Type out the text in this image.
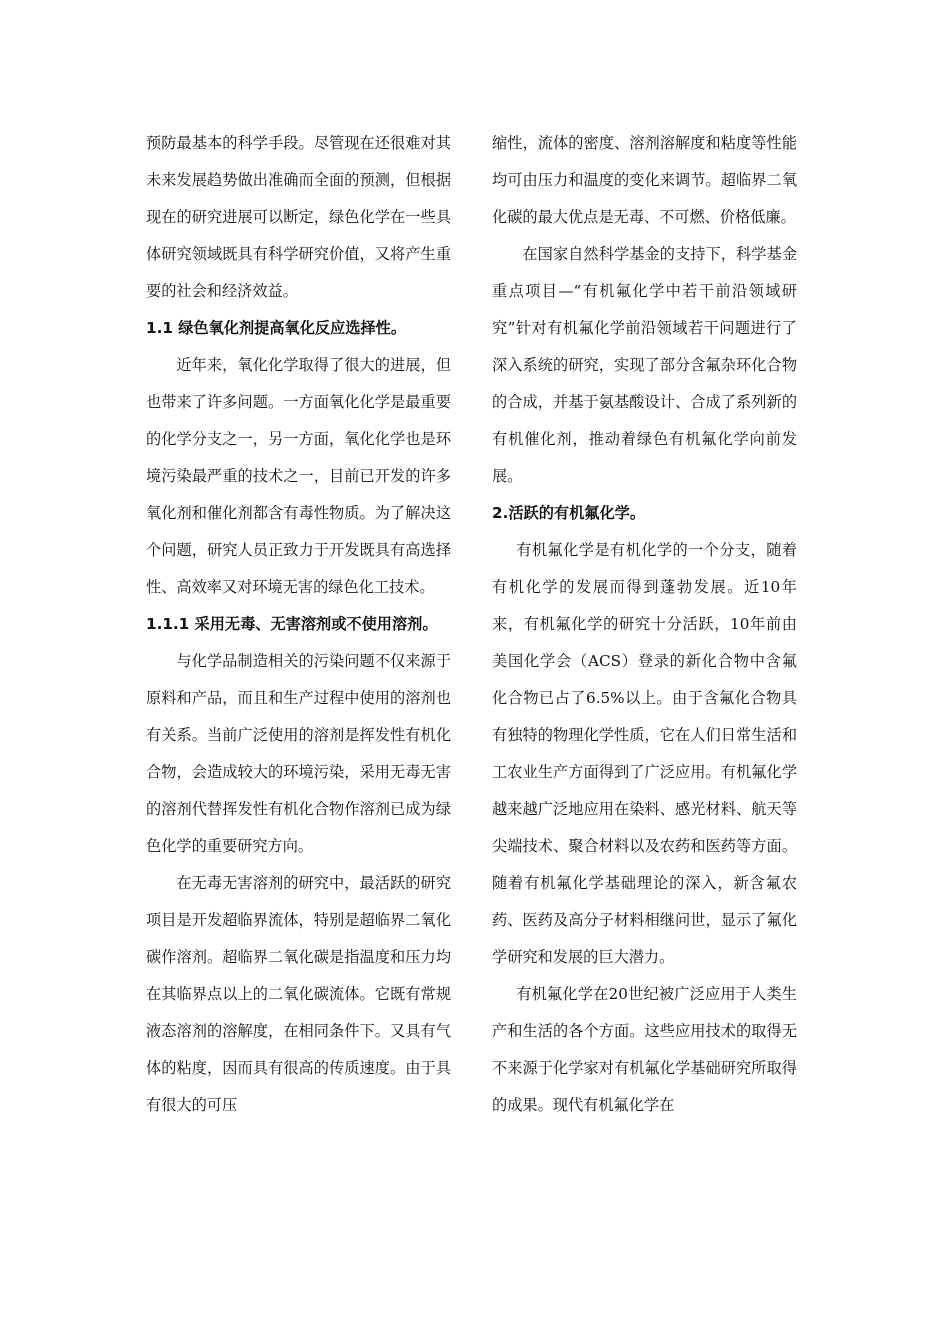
预防最基本的科学手段。尽管现在还很难对其未来发展趋势做出准确而全面的预测，但根据现在的研究进展可以断定，绿色化学在一些具体研究领域既具有科学研究价值，又将产生重要的社会和经济效益。

1.1 绿色氧化剂提高氧化反应选择性。

近年来，氧化化学取得了很大的进展，但也带来了许多问题。一方面氧化化学是最重要的化学分支之一，另一方面，氧化化学也是环境污染最严重的技术之一，目前已开发的许多氧化剂和催化剂都含有毒性物质。为了解决这个问题，研究人员正致力于开发既具有高选择性、高效率又对环境无害的绿色化工技术。

1.1.1 采用无毒、无害溶剂或不使用溶剂。

与化学品制造相关的污染问题不仅来源于原料和产品，而且和生产过程中使用的溶剂也有关系。当前广泛使用的溶剂是挥发性有机化合物，会造成较大的环境污染，采用无毒无害的溶剂代替挥发性有机化合物作溶剂已成为绿色化学的重要研究方向。

在无毒无害溶剂的研究中，最活跃的研究项目是开发超临界流体，特别是超临界二氧化碳作溶剂。超临界二氧化碳是指温度和压力均在其临界点以上的二氧化碳流体。它既有常规液态溶剂的溶解度，在相同条件下。又具有气体的粘度，因而具有很高的传质速度。由于具有很大的可压

缩性，流体的密度、溶剂溶解度和粘度等性能均可由压力和温度的变化来调节。超临界二氧化碳的最大优点是无毒、不可燃、价格低廉。

在国家自然科学基金的支持下，科学基金重点项目—“有机氟化学中若干前沿领域研究”针对有机氟化学前沿领域若干问题进行了深入系统的研究，实现了部分含氟杂环化合物的合成，并基于氨基酸设计、合成了系列新的有机催化剂，推动着绿色有机氟化学向前发展。

2.活跃的有机氟化学。

有机氟化学是有机化学的一个分支，随着有机化学的发展而得到蓬勃发展。近10年来，有机氟化学的研究十分活跃，10年前由美国化学会（ACS）登录的新化合物中含氟化合物已占了6.5%以上。由于含氟化合物具有独特的物理化学性质，它在人们日常生活和工农业生产方面得到了广泛应用。有机氟化学越来越广泛地应用在染料、感光材料、航天等尖端技术、聚合材料以及农药和医药等方面。随着有机氟化学基础理论的深入，新含氟农药、医药及高分子材料相继问世，显示了氟化学研究和发展的巨大潜力。

有机氟化学在20世纪被广泛应用于人类生产和生活的各个方面。这些应用技术的取得无不来源于化学家对有机氟化学基础研究所取得的成果。现代有机氟化学在
